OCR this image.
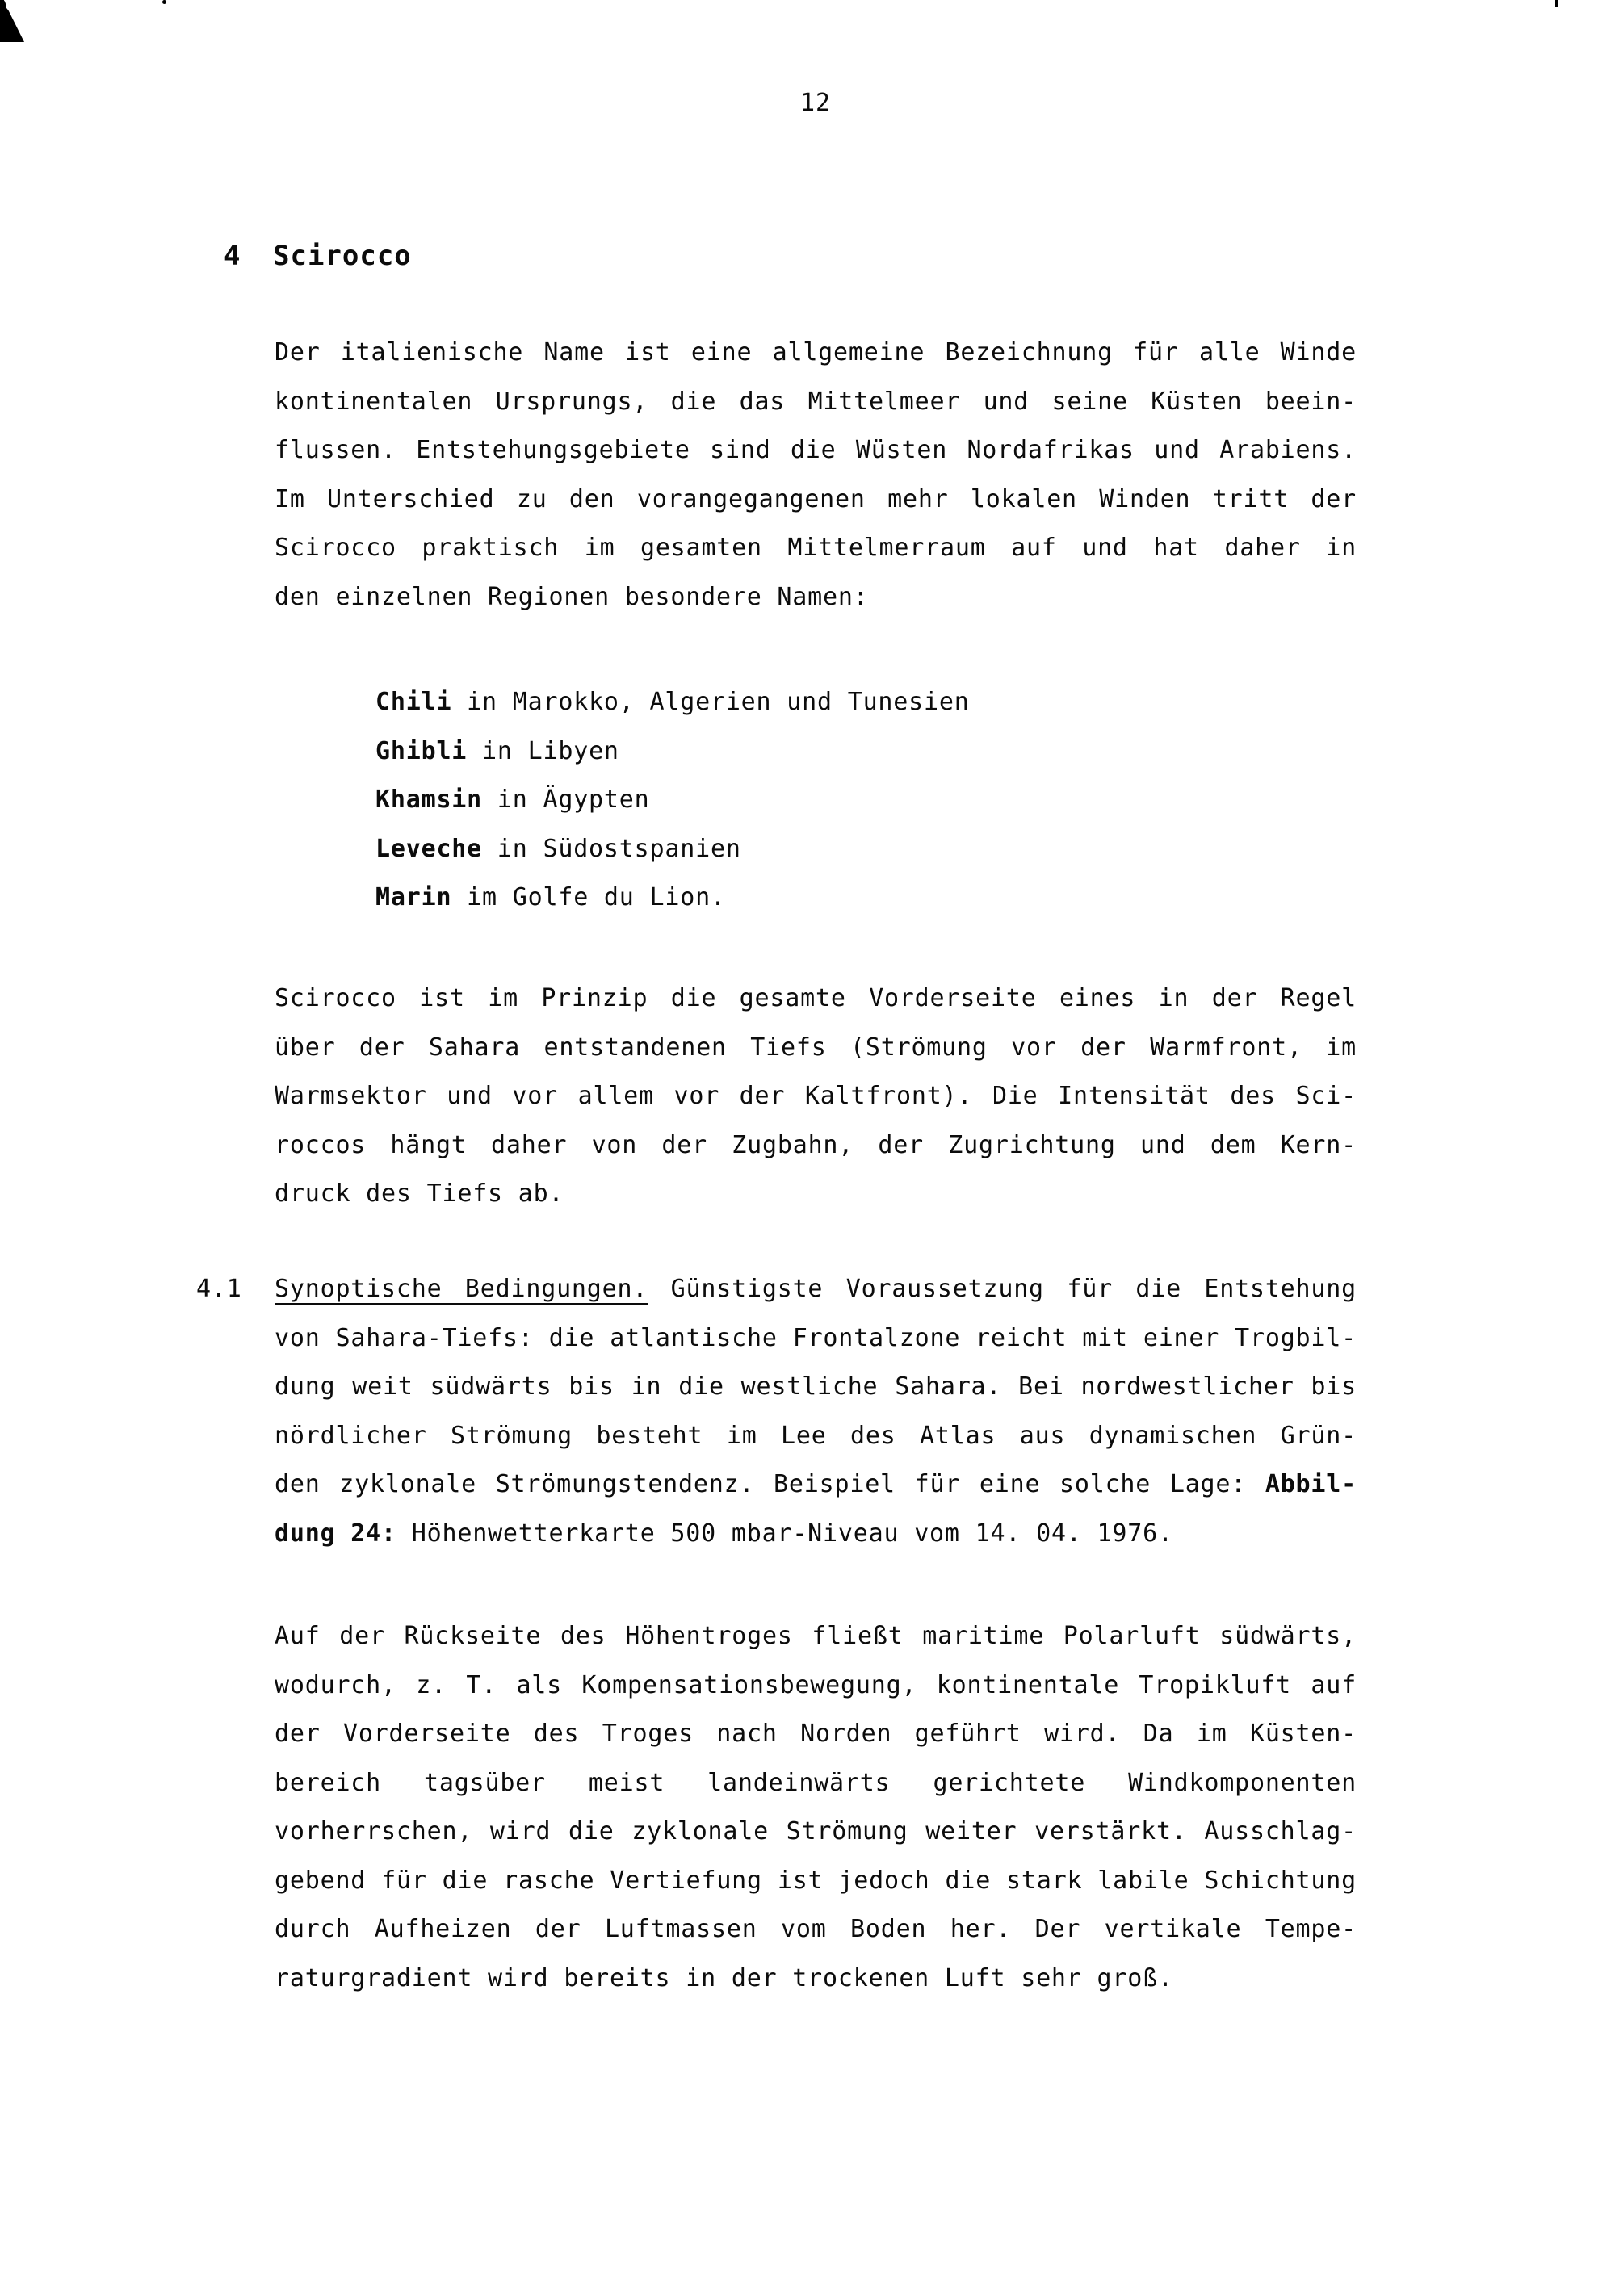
12
4 Scirocco
Der italienische Name ist eine allgemeine Bezeichnung für alle Winde
kontinentalen Ursprungs, die das Mittelmeer und seine Küsten beein-
flussen. Entstehungsgebiete sind die Wüsten Nordafrikas und Arabiens.
Im Unterschied zu den vorangegangenen mehr lokalen Winden tritt der
Scirocco praktisch im gesamten Mittelmerraum auf und hat daher in
den einzelnen Regionen besondere Namen:
Chili in Marokko, Algerien und Tunesien
Ghibli in Libyen
Khamsin in Ägypten
Leveche in Südostspanien
Marin im Golfe du Lion.
Scirocco ist im Prinzip die gesamte Vorderseite eines in der Regel
über der Sahara entstandenen Tiefs (Strömung vor der Warmfront, im
Warmsektor und vor allem vor der Kaltfront). Die Intensität des Sci-
roccos hängt daher von der Zugbahn, der Zugrichtung und dem Kern-
druck des Tiefs ab.
4.1 Synoptische Bedingungen. Günstigste Voraussetzung für die Entstehung
von Sahara-Tiefs: die atlantische Frontalzone reicht mit einer Trogbil-
dung weit südwärts bis in die westliche Sahara. Bei nordwestlicher bis
nördlicher Strömung besteht im Lee des Atlas aus dynamischen Grün-
den zyklonale Strömungstendenz. Beispiel für eine solche Lage: Abbil-
dung 24: Höhenwetterkarte 500 mbar-Niveau vom 14. 04. 1976.
Auf der Rückseite des Höhentroges fließt maritime Polarluft südwärts,
wodurch, z. T. als Kompensationsbewegung, kontinentale Tropikluft auf
der Vorderseite des Troges nach Norden geführt wird. Da im Küsten-
bereich tagsüber meist landeinwärts gerichtete Windkomponenten
vorherrschen, wird die zyklonale Strömung weiter verstärkt. Ausschlag-
gebend für die rasche Vertiefung ist jedoch die stark labile Schichtung
durch Aufheizen der Luftmassen vom Boden her. Der vertikale Tempe-
raturgradient wird bereits in der trockenen Luft sehr groß.
